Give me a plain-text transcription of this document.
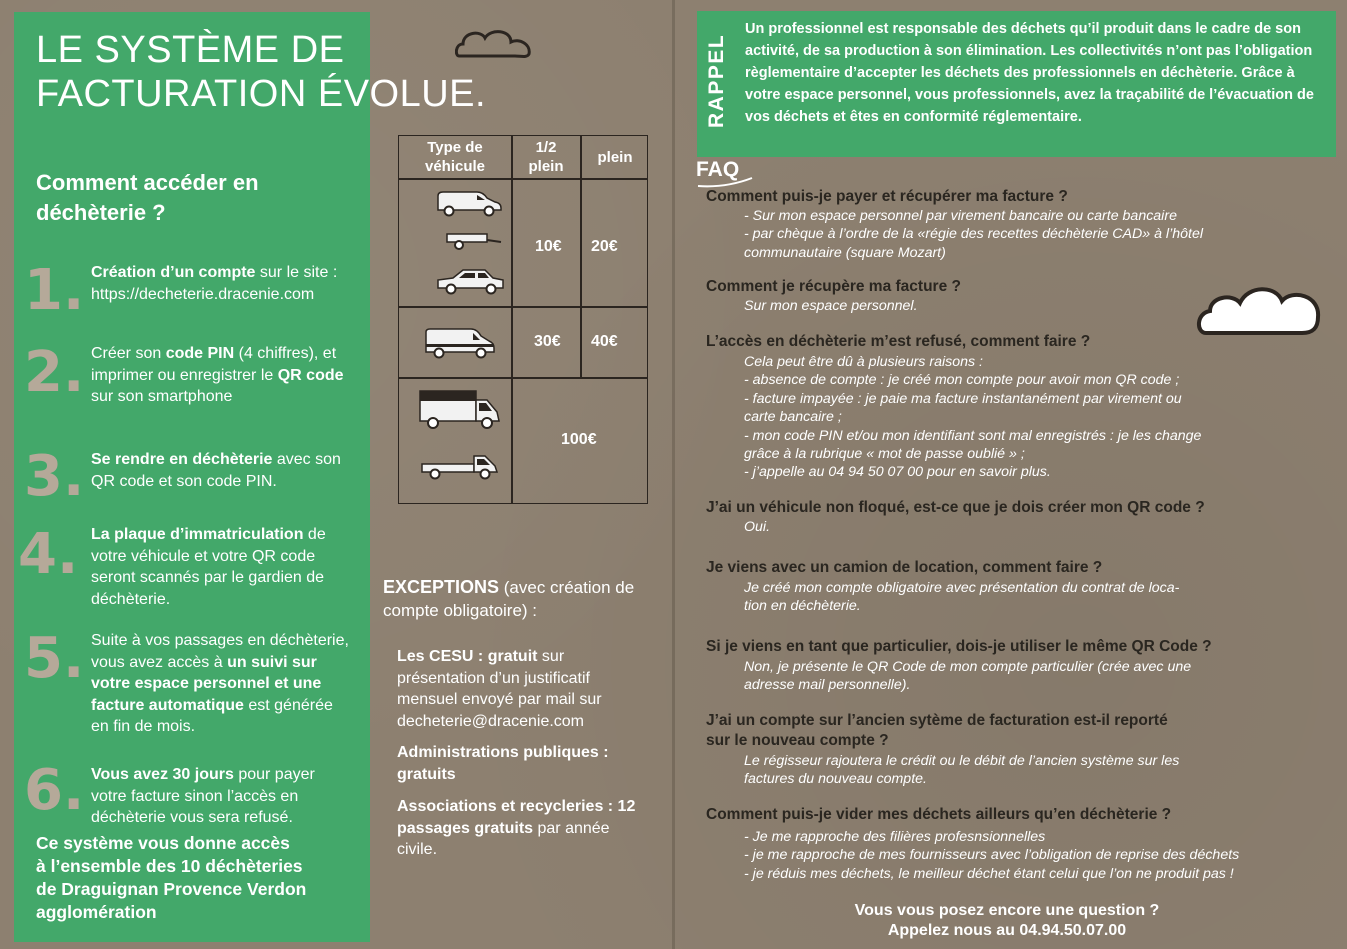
LE SYSTÈME DE
FACTURATION ÉVOLUE.
Comment accéder en déchèterie ?
1. Création d’un compte sur le site : https://decheterie.dracenie.com
2. Créer son code PIN (4 chiffres), et imprimer ou enregistrer le QR code sur son smartphone
3. Se rendre en déchèterie avec son QR code et son code PIN.
4. La plaque d’immatriculation de votre véhicule et votre QR code seront scannés par le gardien de déchèterie.
5. Suite à vos passages en déchèterie, vous avez accès à un suivi sur votre espace personnel et une facture automatique est générée en fin de mois.
6. Vous avez 30 jours pour payer votre facture sinon l’accès en déchèterie vous sera refusé.
Ce système vous donne accès
à l’ensemble des 10 déchèteries
de Draguignan Provence Verdon agglomération
Type de véhicule
1/2 plein
plein
10€ 20€
30€ 40€
100€
EXCEPTIONS (avec création de compte obligatoire) :
Les CESU : gratuit sur présentation d’un justificatif mensuel envoyé par mail sur decheterie@dracenie.com
Administrations publiques : gratuits
Associations et recycleries : 12 passages gratuits par année civile.
RAPPEL
Un professionnel est responsable des déchets qu’il produit dans le cadre de son activité, de sa production à son élimination. Les collectivités n’ont pas l’obligation règlementaire d’accepter les déchets des professionnels en déchèterie. Grâce à votre espace personnel, vous professionnels, avez la traçabilité de l’évacuation de vos déchets et êtes en conformité réglementaire.
FAQ
Comment puis-je payer et récupérer ma facture ?
- Sur mon espace personnel par virement bancaire ou carte bancaire
- par chèque à l’ordre de la «régie des recettes déchèterie CAD» à l’hôtel
communautaire (square Mozart)
Comment je récupère ma facture ?
Sur mon espace personnel.
L’accès en déchèterie m’est refusé, comment faire ?
Cela peut être dû à plusieurs raisons :
- absence de compte : je créé mon compte pour avoir mon QR code ;
- facture impayée : je paie ma facture instantanément par virement ou
carte bancaire ;
- mon code PIN et/ou mon identifiant sont mal enregistrés : je les change
grâce à la rubrique « mot de passe oublié » ;
- j’appelle au 04 94 50 07 00 pour en savoir plus.
J’ai un véhicule non floqué, est-ce que je dois créer mon QR code ?
Oui.
Je viens avec un camion de location, comment faire ?
Je créé mon compte obligatoire avec présentation du contrat de loca-
tion en déchèterie.
Si je viens en tant que particulier, dois-je utiliser le même QR Code ?
Non, je présente le QR Code de mon compte particulier (crée avec une
adresse mail personnelle).
J’ai un compte sur l’ancien sytème de facturation est-il reporté
sur le nouveau compte ?
Le régisseur rajoutera le crédit ou le débit de l’ancien système sur les
factures du nouveau compte.
Comment puis-je vider mes déchets ailleurs qu’en déchèterie ?
- Je me rapproche des filières profesnsionnelles
- je me rapproche de mes fournisseurs avec l’obligation de reprise des déchets
- je réduis mes déchets, le meilleur déchet étant celui que l’on ne produit pas !
Vous vous posez encore une question ?
Appelez nous au 04.94.50.07.00
